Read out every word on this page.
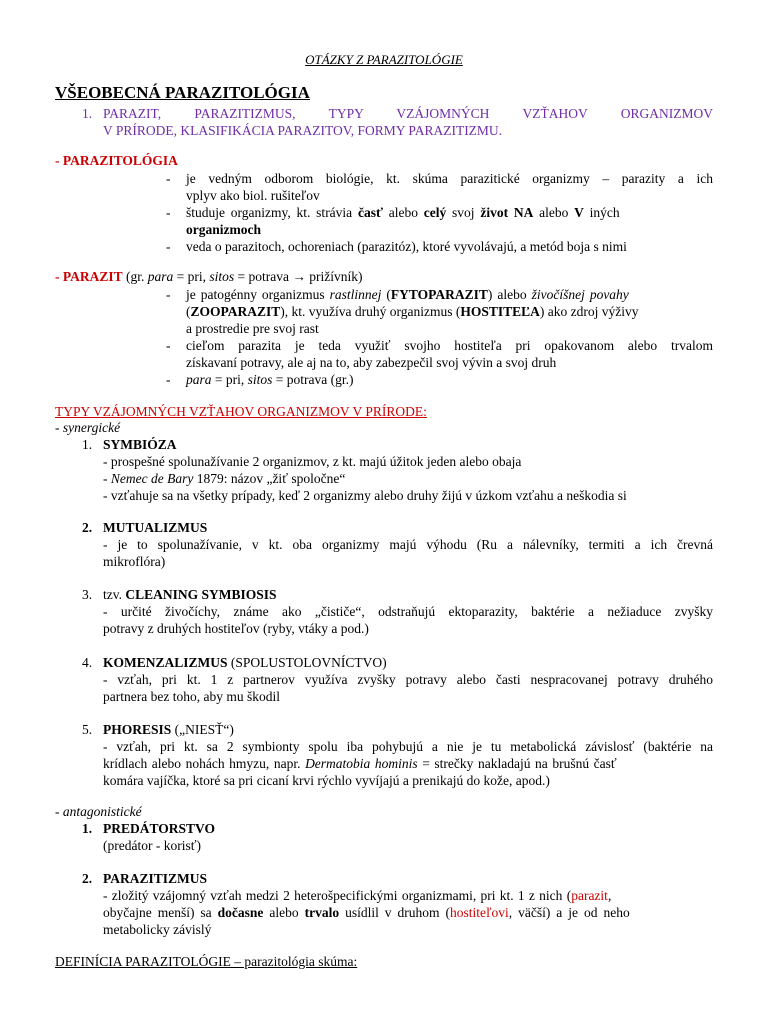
OTÁZKY Z PARAZITOLÓGIE
VŠEOBECNÁ PARAZITOLÓGIA
1. PARAZIT, PARAZITIZMUS, TYPY VZÁJOMNÝCH VZŤAHOV ORGANIZMOV
V PRÍRODE, KLASIFIKÁCIA PARAZITOV, FORMY PARAZITIZMU.
- PARAZITOLÓGIA
- je vedným odborom biológie, kt. skúma parazitické organizmy – parazity a ich
vplyv ako biol. rušiteľov
- študuje organizmy, kt. strávia časť alebo celý svoj život NA alebo V iných
organizmoch
- veda o parazitoch, ochoreniach (parazitóz), ktoré vyvolávajú, a metód boja s nimi
- PARAZIT (gr. para = pri, sitos = potrava → prižívník)
- je patogénny organizmus rastlinnej (FYTOPARAZIT) alebo živočíšnej povahy
(ZOOPARAZIT), kt. využíva druhý organizmus (HOSTITEĽA) ako zdroj výživy
a prostredie pre svoj rast
- cieľom parazita je teda využiť svojho hostiteľa pri opakovanom alebo trvalom
získavaní potravy, ale aj na to, aby zabezpečil svoj vývin a svoj druh
- para = pri, sitos = potrava (gr.)
TYPY VZÁJOMNÝCH VZŤAHOV ORGANIZMOV V PRÍRODE:
- synergické
1. SYMBIÓZA
- prospešné spolunažívanie 2 organizmov, z kt. majú úžitok jeden alebo obaja
- Nemec de Bary 1879: názov „žiť spoločne“
- vzťahuje sa na všetky prípady, keď 2 organizmy alebo druhy žijú v úzkom vzťahu a neškodia si
2. MUTUALIZMUS
- je to spolunažívanie, v kt. oba organizmy majú výhodu (Ru a nálevníky, termiti a ich črevná
mikroflóra)
3. tzv. CLEANING SYMBIOSIS
- určité živočíchy, známe ako „čističe“, odstraňujú ektoparazity, baktérie a nežiaduce zvyšky
potravy z druhých hostiteľov (ryby, vtáky a pod.)
4. KOMENZALIZMUS (SPOLUSTOLOVNÍCTVO)
- vzťah, pri kt. 1 z partnerov využíva zvyšky potravy alebo časti nespracovanej potravy druhého
partnera bez toho, aby mu škodil
5. PHORESIS („NIESŤ“)
- vzťah, pri kt. sa 2 symbionty spolu iba pohybujú a nie je tu metabolická závislosť (baktérie na
krídlach alebo nohách hmyzu, napr. Dermatobia hominis = strečky nakladajú na brušnú časť
komára vajíčka, ktoré sa pri cicaní krvi rýchlo vyvíjajú a prenikajú do kože, apod.)
- antagonistické
1. PREDÁTORSTVO
(predátor - korisť)
2. PARAZITIZMUS
- zložitý vzájomný vzťah medzi 2 heterošpecifickými organizmami, pri kt. 1 z nich (parazit,
obyčajne menší) sa dočasne alebo trvalo usídlil v druhom (hostiteľovi, väčší) a je od neho
metabolicky závislý
DEFINÍCIA PARAZITOLÓGIE – parazitológia skúma:
